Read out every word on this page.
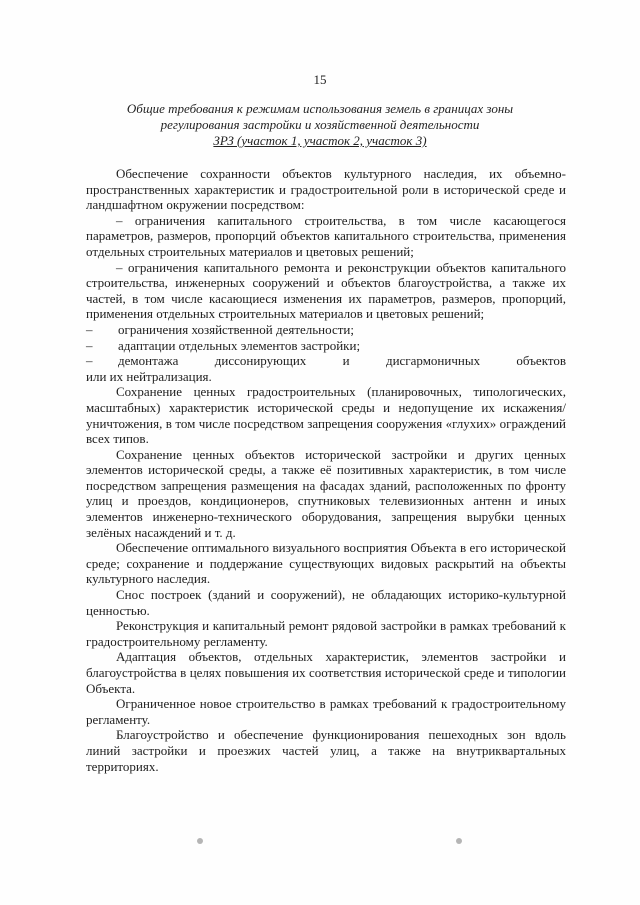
15
Общие требования к режимам использования земель в границах зоны
регулирования застройки и хозяйственной деятельности
ЗРЗ (участок 1, участок 2, участок 3)

Обеспечение сохранности объектов культурного наследия, их объемно-пространственных характеристик и градостроительной роли в исторической среде и ландшафтном окружении посредством:

– ограничения капитального строительства, в том числе касающегося параметров, размеров, пропорций объектов капитального строительства, применения отдельных строительных материалов и цветовых решений;

– ограничения капитального ремонта и реконструкции объектов капитального строительства, инженерных сооружений и объектов благоустройства, а также их частей, в том числе касающиеся изменения их параметров, размеров, пропорций, применения отдельных строительных материалов и цветовых решений;

–	ограничения хозяйственной деятельности;
–	адаптации отдельных элементов застройки;
–	демонтажа диссонирующих и дисгармоничных объектов

или их нейтрализация.

Сохранение ценных градостроительных (планировочных, типологических, масштабных) характеристик исторической среды и недопущение их искажения/уничтожения, в том числе посредством запрещения сооружения «глухих» ограждений всех типов.

Сохранение ценных объектов исторической застройки и других ценных элементов исторической среды, а также её позитивных характеристик, в том числе посредством запрещения размещения на фасадах зданий, расположенных по фронту улиц и проездов, кондиционеров, спутниковых телевизионных антенн и иных элементов инженерно-технического оборудования, запрещения вырубки ценных зелёных насаждений и т. д.

Обеспечение оптимального визуального восприятия Объекта в его исторической среде; сохранение и поддержание существующих видовых раскрытий на объекты культурного наследия.

Снос построек (зданий и сооружений), не обладающих историко-культурной ценностью.

Реконструкция и капитальный ремонт рядовой застройки в рамках требований к градостроительному регламенту.

Адаптация объектов, отдельных характеристик, элементов застройки и благоустройства в целях повышения их соответствия исторической среде и типологии Объекта.

Ограниченное новое строительство в рамках требований к градостроительному регламенту.

Благоустройство и обеспечение функционирования пешеходных зон вдоль линий застройки и проезжих частей улиц, а также на внутриквартальных территориях.
